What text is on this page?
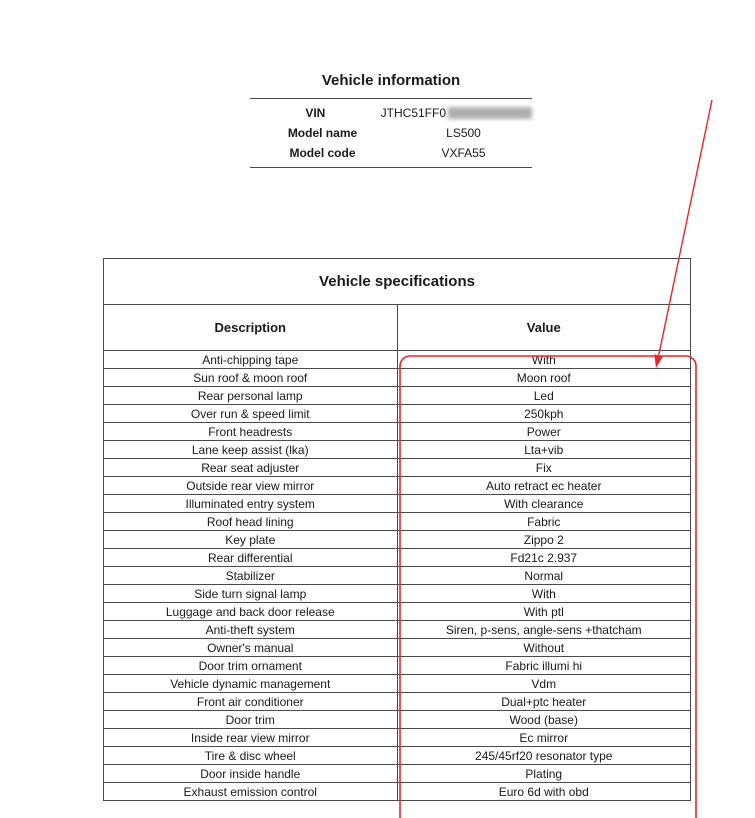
Vehicle information
VIN	JTHC51FF0
Model name	LS500
Model code	VXFA55
Vehicle specifications	
Description	Value
Anti-chipping tape	With
Sun roof & moon roof	Moon roof
Rear personal lamp	Led
Over run & speed limit	250kph
Front headrests	Power
Lane keep assist (lka)	Lta+vib
Rear seat adjuster	Fix
Outside rear view mirror	Auto retract ec heater
Illuminated entry system	With clearance
Roof head lining	Fabric
Key plate	Zippo 2
Rear differential	Fd21c 2.937
Stabilizer	Normal
Side turn signal lamp	With
Luggage and back door release	With ptl
Anti-theft system	Siren, p-sens, angle-sens +thatcham
Owner's manual	Without
Door trim ornament	Fabric illumi hi
Vehicle dynamic management	Vdm
Front air conditioner	Dual+ptc heater
Door trim	Wood (base)
Inside rear view mirror	Ec mirror
Tire & disc wheel	245/45rf20 resonator type
Door inside handle	Plating
Exhaust emission control	Euro 6d with obd
